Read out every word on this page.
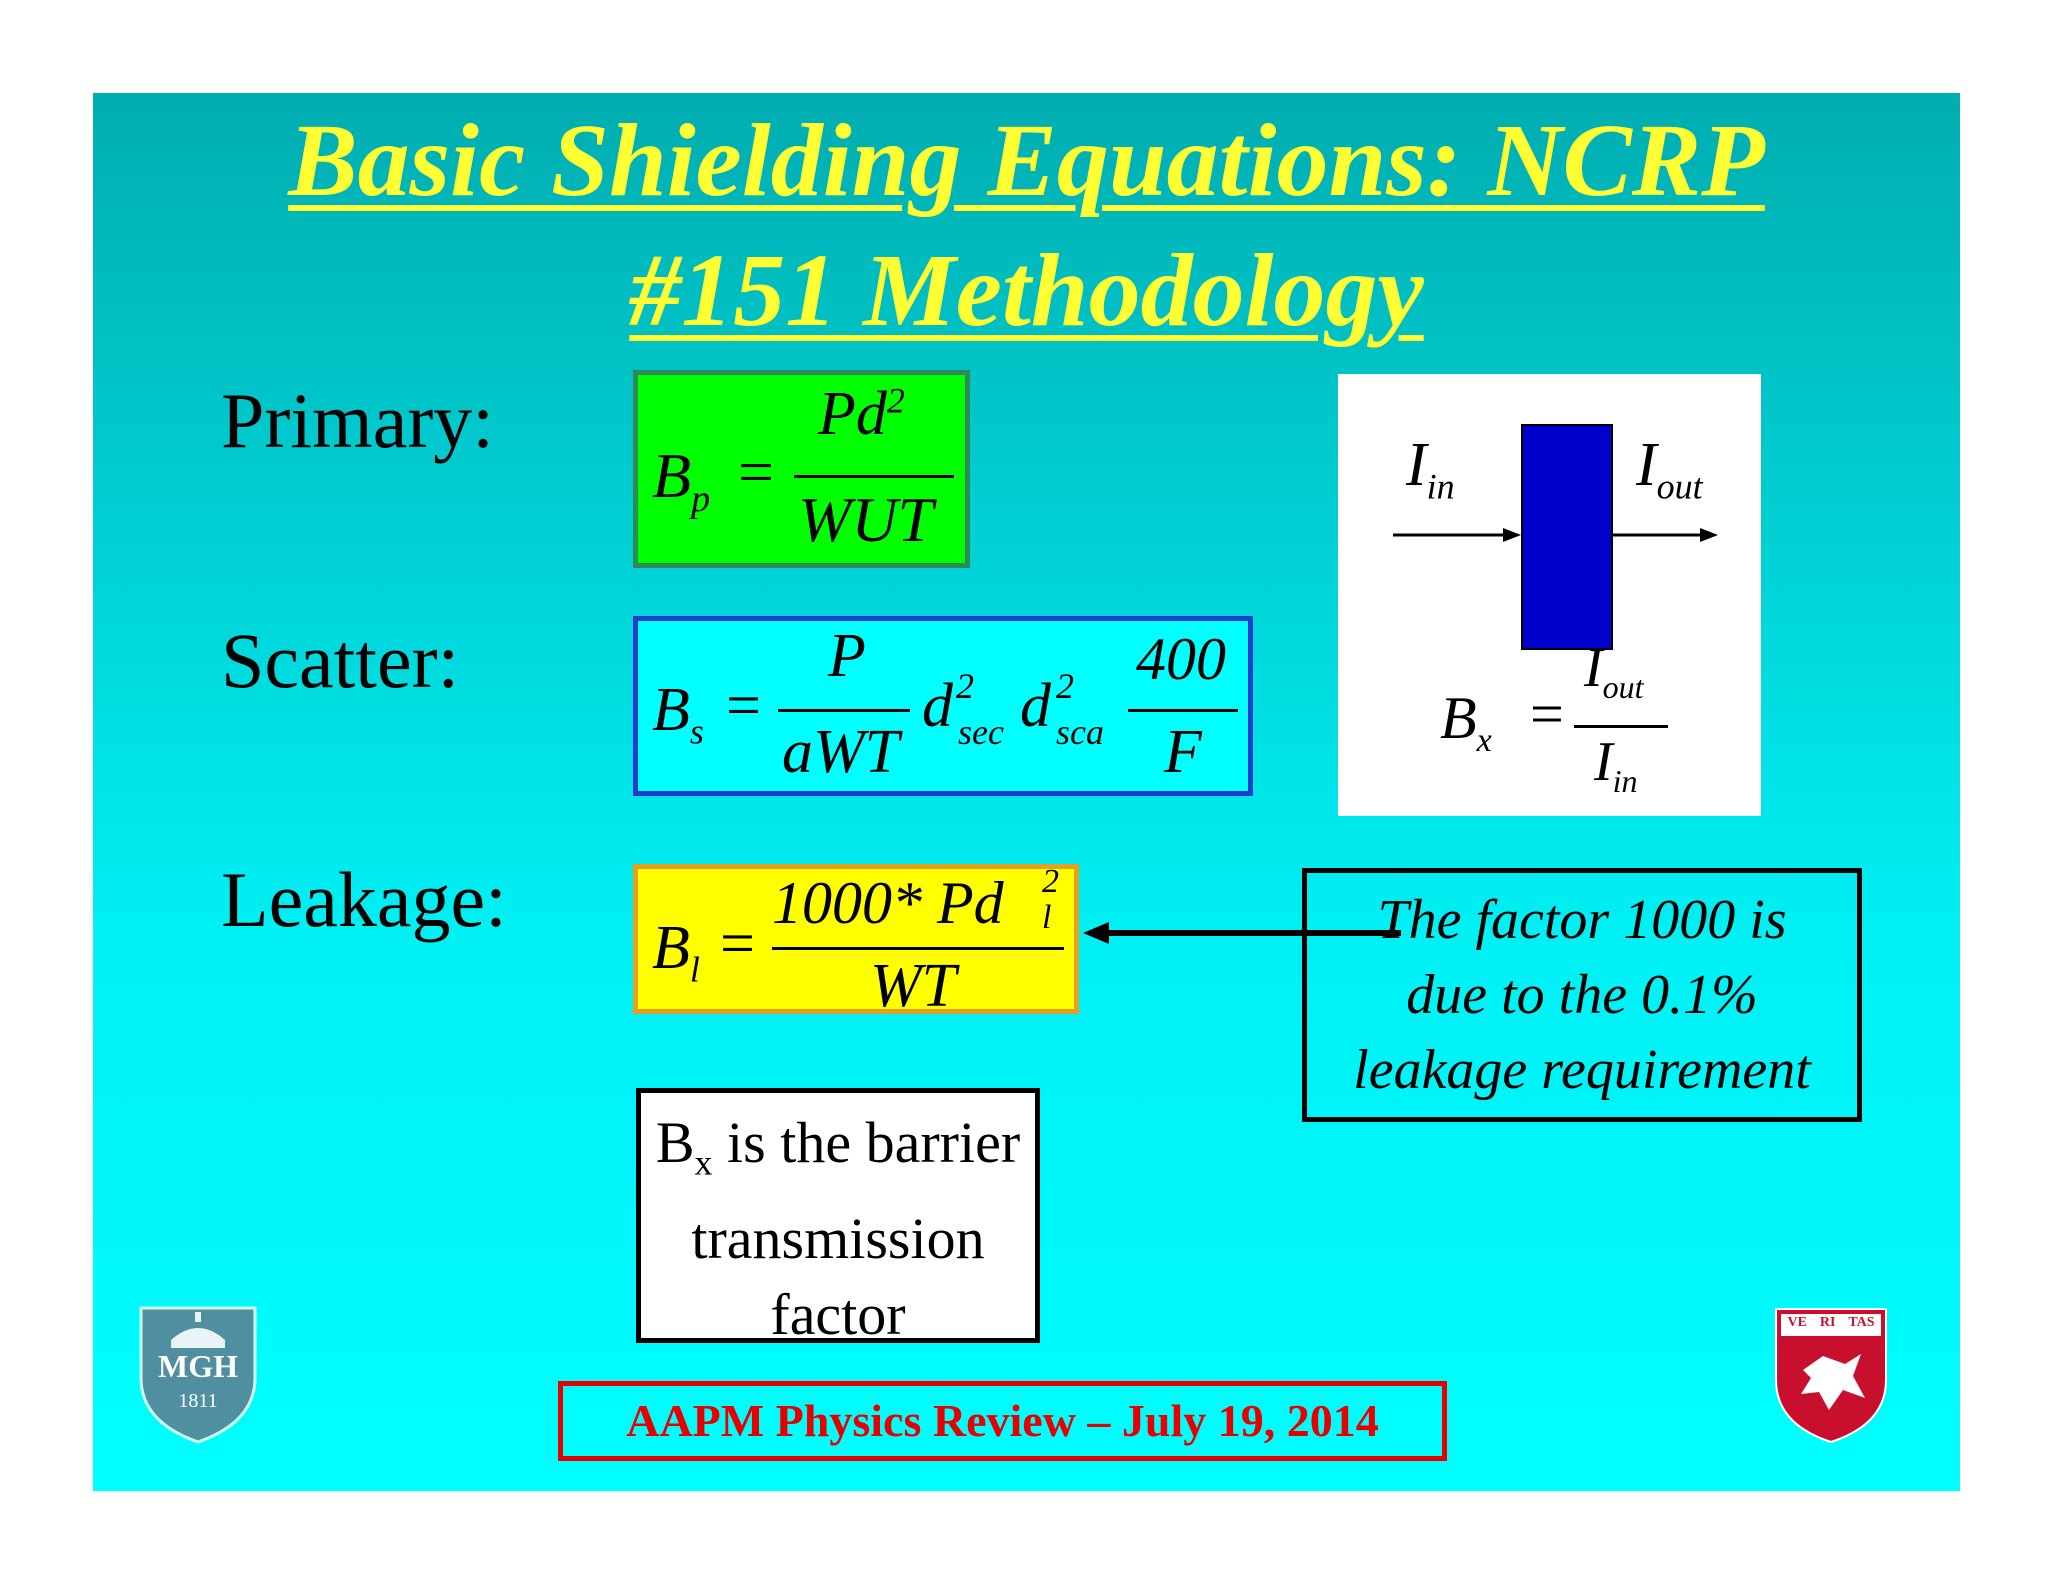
Basic Shielding Equations: NCRP
#151 Methodology
Primary:
Scatter:
Leakage:
$B_p$ =
$Pd^2$
WUT
$B_s$ =
P
aWT
d 2
sec d 2
sca
400
F
$I_{in}$	$I_{out}$
$B_x$ =
$I_{out}$
$I_{in}$
$B_l$ =
1000* Pd 2
l
WT
The factor 1000 is
due to the 0.1%
leakage requirement
$B_x$ is the barrier
transmission
factor
AAPM Physics Review – July 19, 2014
MGH
1811
VE RI TAS
